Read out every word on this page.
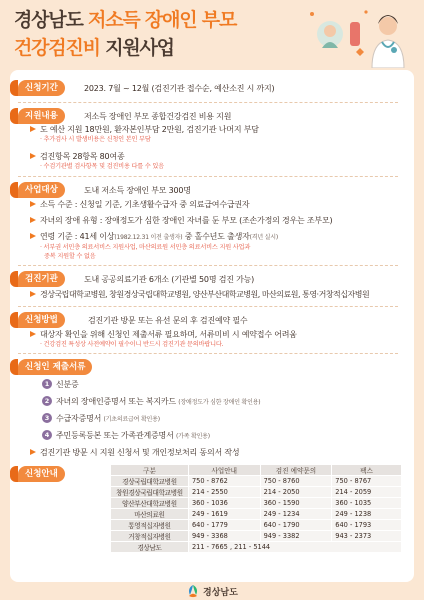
경상남도 저소득 장애인 부모
건강검진비 지원사업
신청기간	2023. 7월 ~ 12월 (검진기관 접수순, 예산소진 시 까지)
지원내용	저소득 장애인 부모 종합건강검진 비용 지원
도 예산 지원 18만원, 환자본인부담 2만원, 검진기관 나머지 부담
· 추가검사 시 발생비용은 신청인 본인 부담
검진항목 28항목 80여종
· 수검기관별 검사항목 및 검진비용 다를 수 있음
사업대상	도내 저소득 장애인 부모 300명
소득 수준 : 신청일 기준, 기초생활수급자 중 의료급여수급권자
자녀의 장애 유형 : 장애정도가 심한 장애인 자녀를 둔 부모 (조손가정의 경우는 조부모)
연령 기준 : 41세 이상(1982.12.31 이전 출생자) 중 홀수년도 출생자(격년 실시)
· 서부권 서민층 의료서비스 지원사업, 마산의료원 서민층 의료서비스 지원 사업과
중복 지원할 수 없음
검진기관	도내 공공의료기관 6개소 (기관별 50명 검진 가능)
경상국립대학교병원, 창원경상국립대학교병원, 양산부산대학교병원, 마산의료원, 통영·거창적십자병원
신청방법	검진기관 방문 또는 유선 문의 후 검진예약 필수
대상자 확인을 위해 신청인 제출서류 필요하며, 서류미비 시 예약접수 어려움
· 건강검진 특성상 사전예약이 필수이니 반드시 검진기관 문의바랍니다.
신청인 제출서류
1 신분증
2 자녀의 장애인증명서 또는 복지카드 (장애정도가 심한 장애인 확인용)
3 수급자증명서 (기초의료급여 확인용)
4 주민등록등본 또는 가족관계증명서 (가족 확인용)
검진기관 방문 시 지원 신청서 및 개인정보처리 동의서 작성
신청안내	구분	사업안내	검진 예약문의	팩스
경상국립대학교병원	750 - 8762	750 - 8760	750 - 8767
창원경상국립대학교병원	214 - 2550	214 - 2050	214 - 2059
양산부산대학교병원	360 - 1036	360 - 1590	360 - 1035
마산의료원	249 - 1619	249 - 1234	249 - 1238
통영적십자병원	640 - 1779	640 - 1790	640 - 1793
거창적십자병원	949 - 3368	949 - 3382	943 - 2373
경상남도	211 - 7665 , 211 - 5144		
경상남도
